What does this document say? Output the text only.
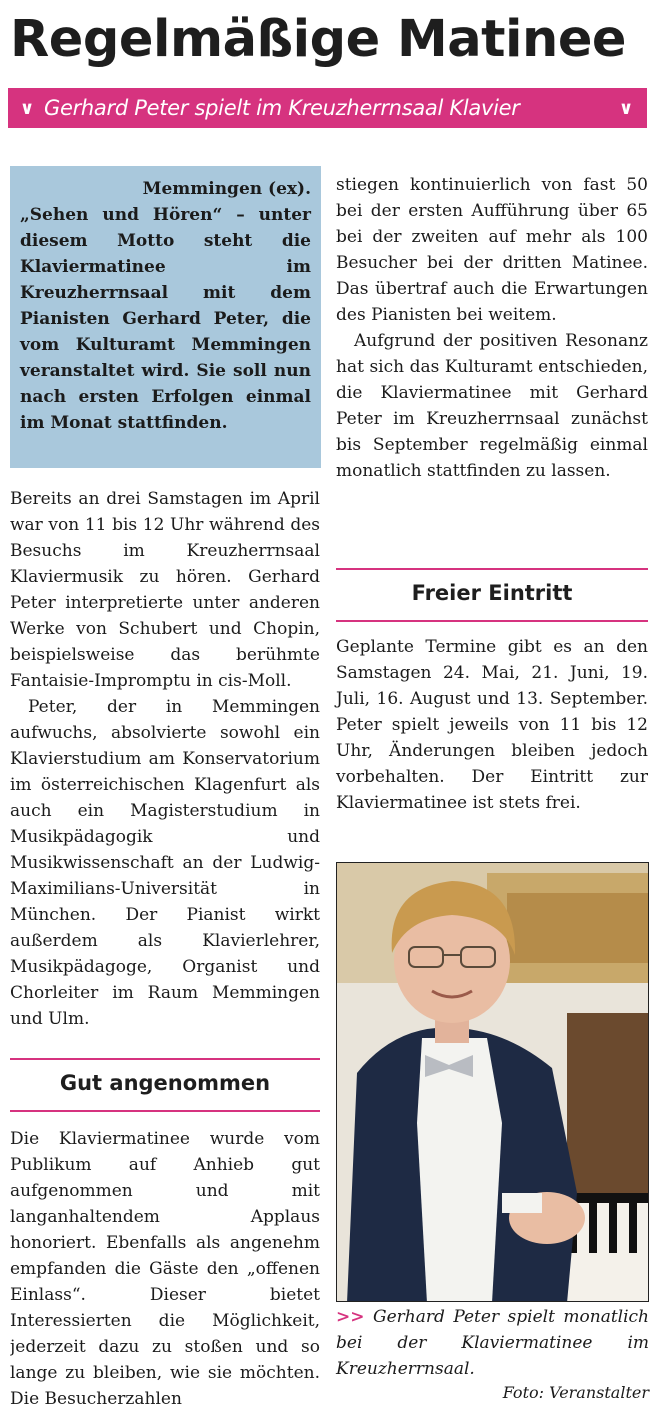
Regelmäßige Matinee
∨ Gerhard Peter spielt im Kreuzherrnsaal Klavier	∨
Memmingen (ex).
„Sehen und Hören“ – unter diesem Motto steht die Klaviermatinee im Kreuzherrnsaal mit dem Pianisten Gerhard Peter, die vom Kulturamt Memmingen veranstaltet wird. Sie soll nun nach ersten Erfolgen einmal im Monat stattfinden.

Bereits an drei Samstagen im April war von 11 bis 12 Uhr während des Besuchs im Kreuzherrnsaal Klaviermusik zu hören. Gerhard Peter interpretierte unter anderen Werke von Schubert und Chopin, beispielsweise das berühmte Fantaisie-Impromptu in cis-Moll.

Peter, der in Memmingen aufwuchs, absolvierte sowohl ein Klavierstudium am Konservatorium im österreichischen Klagenfurt als auch ein Magisterstudium in Musikpädagogik und Musikwissenschaft an der Ludwig-Maximilians-Universität in München. Der Pianist wirkt außerdem als Klavierlehrer, Musikpädagoge, Organist und Chorleiter im Raum Memmingen und Ulm.

Gut angenommen

Die Klaviermatinee wurde vom Publikum auf Anhieb gut aufgenommen und mit langanhaltendem Applaus honoriert. Ebenfalls als angenehm empfanden die Gäste den „offenen Einlass“. Dieser bietet Interessierten die Möglichkeit, jederzeit dazu zu stoßen und so lange zu bleiben, wie sie möchten. Die Besucherzahlen

stiegen kontinuierlich von fast 50 bei der ersten Aufführung über 65 bei der zweiten auf mehr als 100 Besucher bei der dritten Matinee. Das übertraf auch die Erwartungen des Pianisten bei weitem.

Aufgrund der positiven Resonanz hat sich das Kulturamt entschieden, die Klaviermatinee mit Gerhard Peter im Kreuzherrnsaal zunächst bis September regelmäßig einmal monatlich stattfinden zu lassen.

Freier Eintritt

Geplante Termine gibt es an den Samstagen 24. Mai, 21. Juni, 19. Juli, 16. August und 13. September. Peter spielt jeweils von 11 bis 12 Uhr, Änderungen bleiben jedoch vorbehalten. Der Eintritt zur Klaviermatinee ist stets frei.

>> Gerhard Peter spielt monatlich bei der Klaviermatinee im Kreuzherrnsaal.
Foto: Veranstalter
